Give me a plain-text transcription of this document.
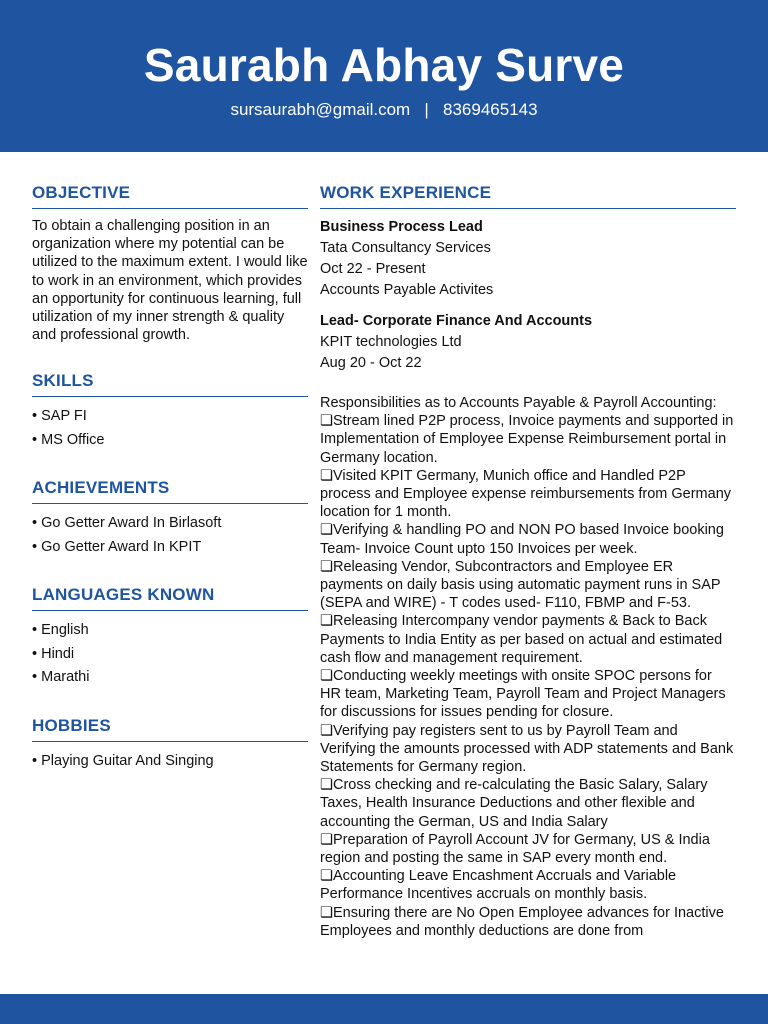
Saurabh Abhay Surve
sursaurabh@gmail.com | 8369465143
OBJECTIVE

To obtain a challenging position in an organization where my potential can be utilized to the maximum extent. I would like to work in an environment, which provides an opportunity for continuous learning, full utilization of my inner strength & quality and professional growth.

SKILLS
• SAP FI
• MS Office
ACHIEVEMENTS
• Go Getter Award In Birlasoft
• Go Getter Award In KPIT
LANGUAGES KNOWN
• English
• Hindi
• Marathi
HOBBIES
• Playing Guitar And Singing
WORK EXPERIENCE
Business Process Lead
Tata Consultancy Services
Oct 22 - Present
Accounts Payable Activites
Lead- Corporate Finance And Accounts
KPIT technologies Ltd
Aug 20 - Oct 22
Responsibilities as to Accounts Payable & Payroll Accounting:
❏ Stream lined P2P process, Invoice payments and supported in Implementation of Employee Expense Reimbursement portal in Germany location.
❏ Visited KPIT Germany, Munich office and Handled P2P process and Employee expense reimbursements from Germany location for 1 month.
❏ Verifying & handling PO and NON PO based Invoice booking Team- Invoice Count upto 150 Invoices per week.
❏ Releasing Vendor, Subcontractors and Employee ER payments on daily basis using automatic payment runs in SAP (SEPA and WIRE) - T codes used- F110, FBMP and F-53.
❏ Releasing Intercompany vendor payments & Back to Back Payments to India Entity as per based on actual and estimated cash flow and management requirement.
❏ Conducting weekly meetings with onsite SPOC persons for HR team, Marketing Team, Payroll Team and Project Managers for discussions for issues pending for closure.
❏ Verifying pay registers sent to us by Payroll Team and Verifying the amounts processed with ADP statements and Bank Statements for Germany region.
❏ Cross checking and re-calculating the Basic Salary, Salary Taxes, Health Insurance Deductions and other flexible and accounting the German, US and India Salary
❏ Preparation of Payroll Account JV for Germany, US & India region and posting the same in SAP every month end.
❏ Accounting Leave Encashment Accruals and Variable Performance Incentives accruals on monthly basis.
❏ Ensuring there are No Open Employee advances for Inactive Employees and monthly deductions are done from
